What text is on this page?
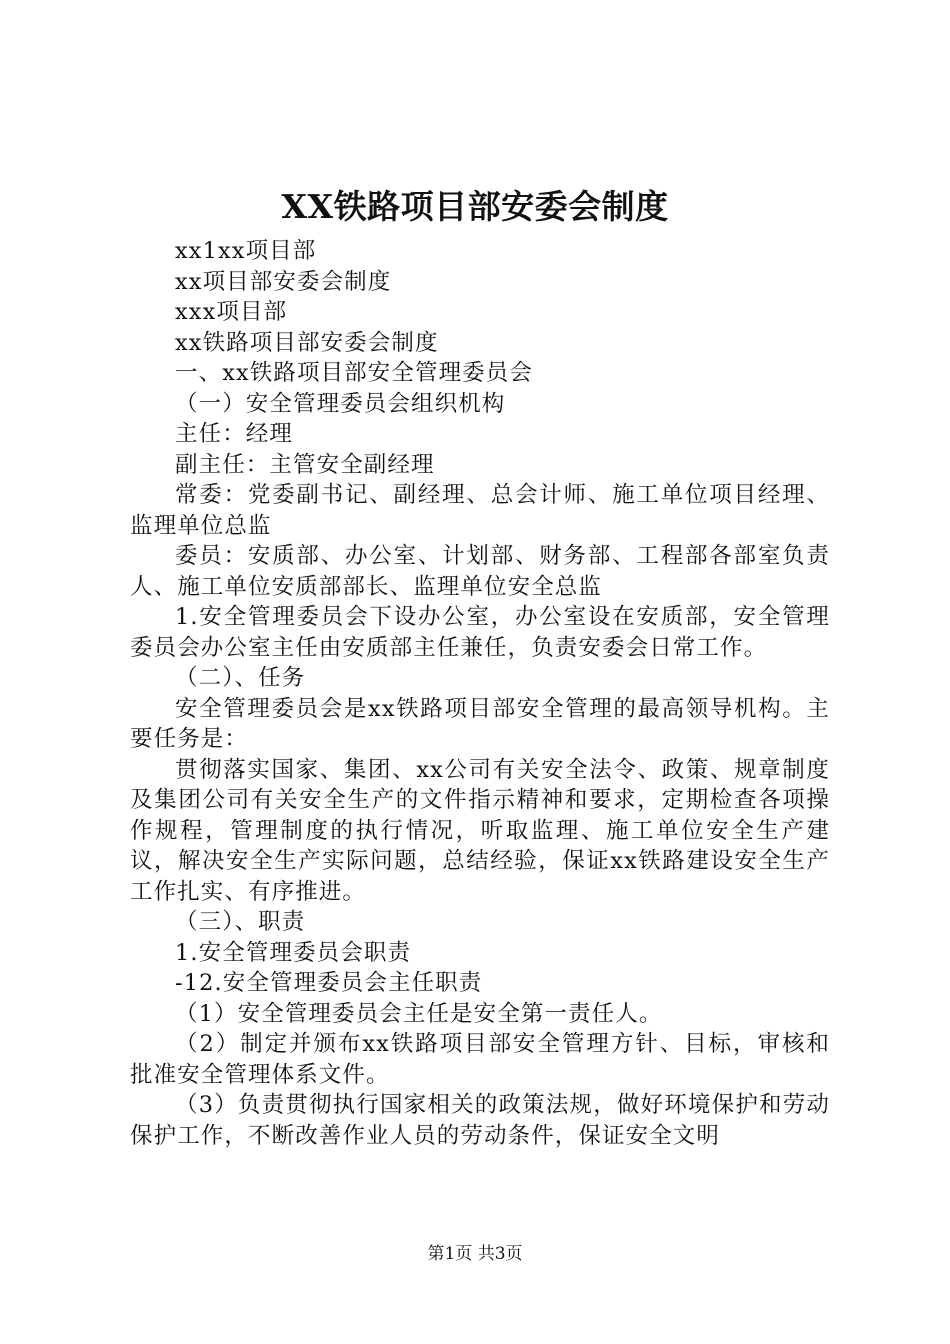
XX铁路项目部安委会制度

xx1xx项目部

xx项目部安委会制度

xxx项目部

xx铁路项目部安委会制度

一、xx铁路项目部安全管理委员会

（一）安全管理委员会组织机构

主任：经理

副主任：主管安全副经理

常委：党委副书记、副经理、总会计师、施工单位项目经理、监理单位总监

委员：安质部、办公室、计划部、财务部、工程部各部室负责人、施工单位安质部部长、监理单位安全总监

1.安全管理委员会下设办公室，办公室设在安质部，安全管理委员会办公室主任由安质部主任兼任，负责安委会日常工作。

（二）、任务

安全管理委员会是xx铁路项目部安全管理的最高领导机构。主要任务是：

贯彻落实国家、集团、xx公司有关安全法令、政策、规章制度及集团公司有关安全生产的文件指示精神和要求，定期检查各项操作规程，管理制度的执行情况，听取监理、施工单位安全生产建议，解决安全生产实际问题，总结经验，保证xx铁路建设安全生产工作扎实、有序推进。

（三）、职责

1.安全管理委员会职责

-12.安全管理委员会主任职责

（1）安全管理委员会主任是安全第一责任人。

（2）制定并颁布xx铁路项目部安全管理方针、目标，审核和批准安全管理体系文件。

（3）负责贯彻执行国家相关的政策法规，做好环境保护和劳动保护工作，不断改善作业人员的劳动条件，保证安全文明

第1页 共3页
